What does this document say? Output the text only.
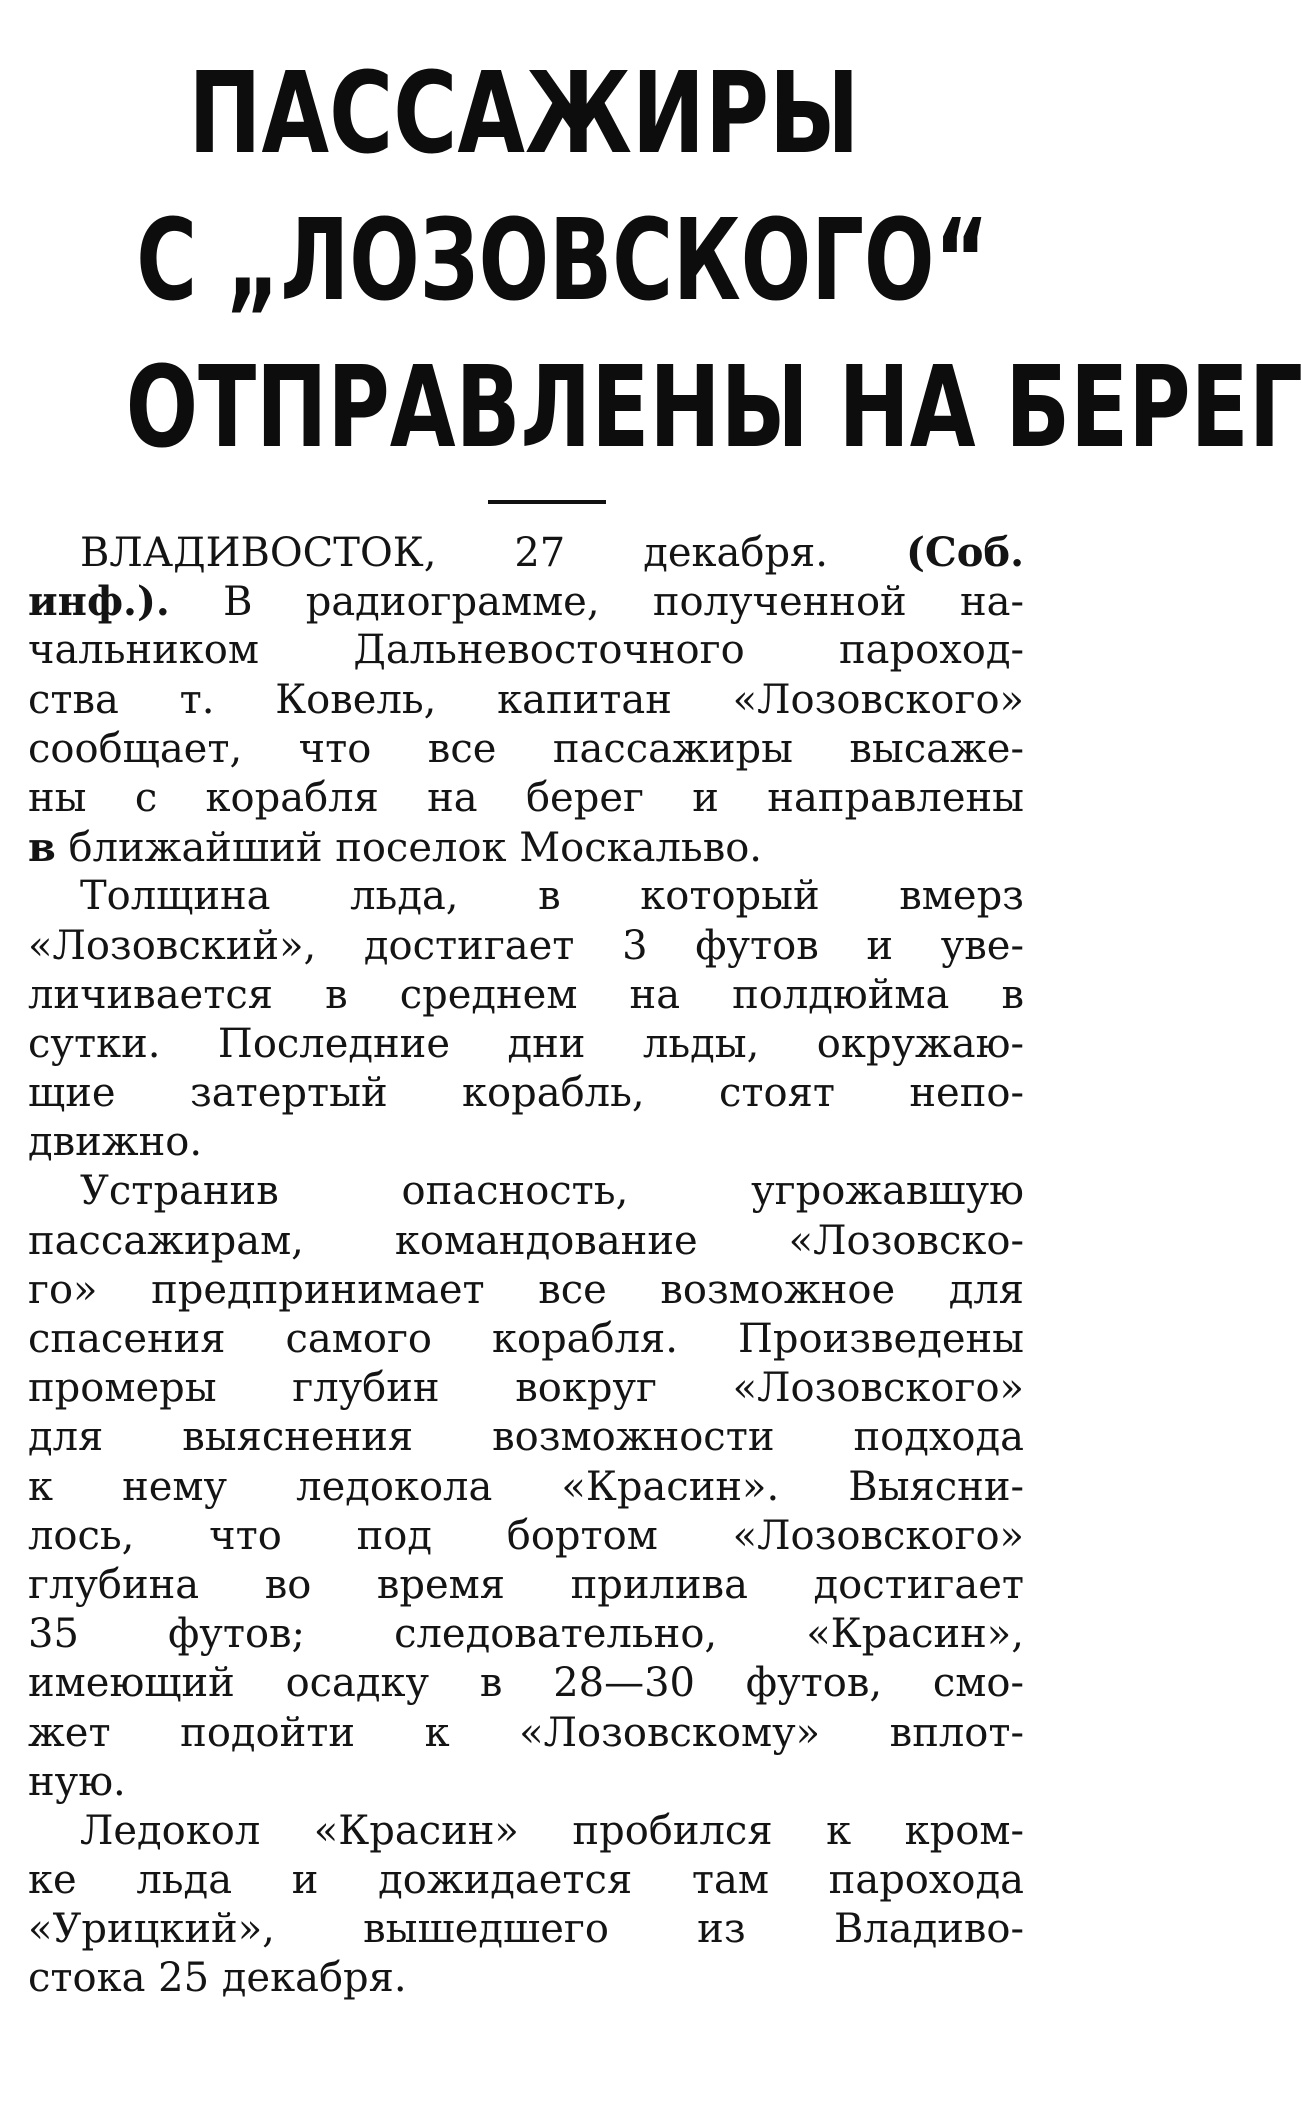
ПАССАЖИРЫ
С „ЛОЗОВСКОГО“
ОТПРАВЛЕНЫ НА БЕРЕГ
ВЛАДИВОСТОК, 27 декабря. (Соб.
инф.). В радиограмме, полученной на-
чальником Дальневосточного пароход-
ства т. Ковель, капитан «Лозовского»
сообщает, что все пассажиры высаже-
ны с корабля на берег и направлены
в ближайший поселок Москальво.
Толщина льда, в который вмерз
«Лозовский», достигает 3 футов и уве-
личивается в среднем на полдюйма в
сутки. Последние дни льды, окружаю-
щие затертый корабль, стоят непо-
движно.
Устранив опасность, угрожавшую
пассажирам, командование «Лозовско-
го» предпринимает все возможное для
спасения самого корабля. Произведены
промеры глубин вокруг «Лозовского»
для выяснения возможности подхода
к нему ледокола «Красин». Выясни-
лось, что под бортом «Лозовского»
глубина во время прилива достигает
35 футов; следовательно, «Красин»,
имеющий осадку в 28—30 футов, смо-
жет подойти к «Лозовскому» вплот-
ную.
Ледокол «Красин» пробился к кром-
ке льда и дожидается там парохода
«Урицкий», вышедшего из Владиво-
стока 25 декабря.
